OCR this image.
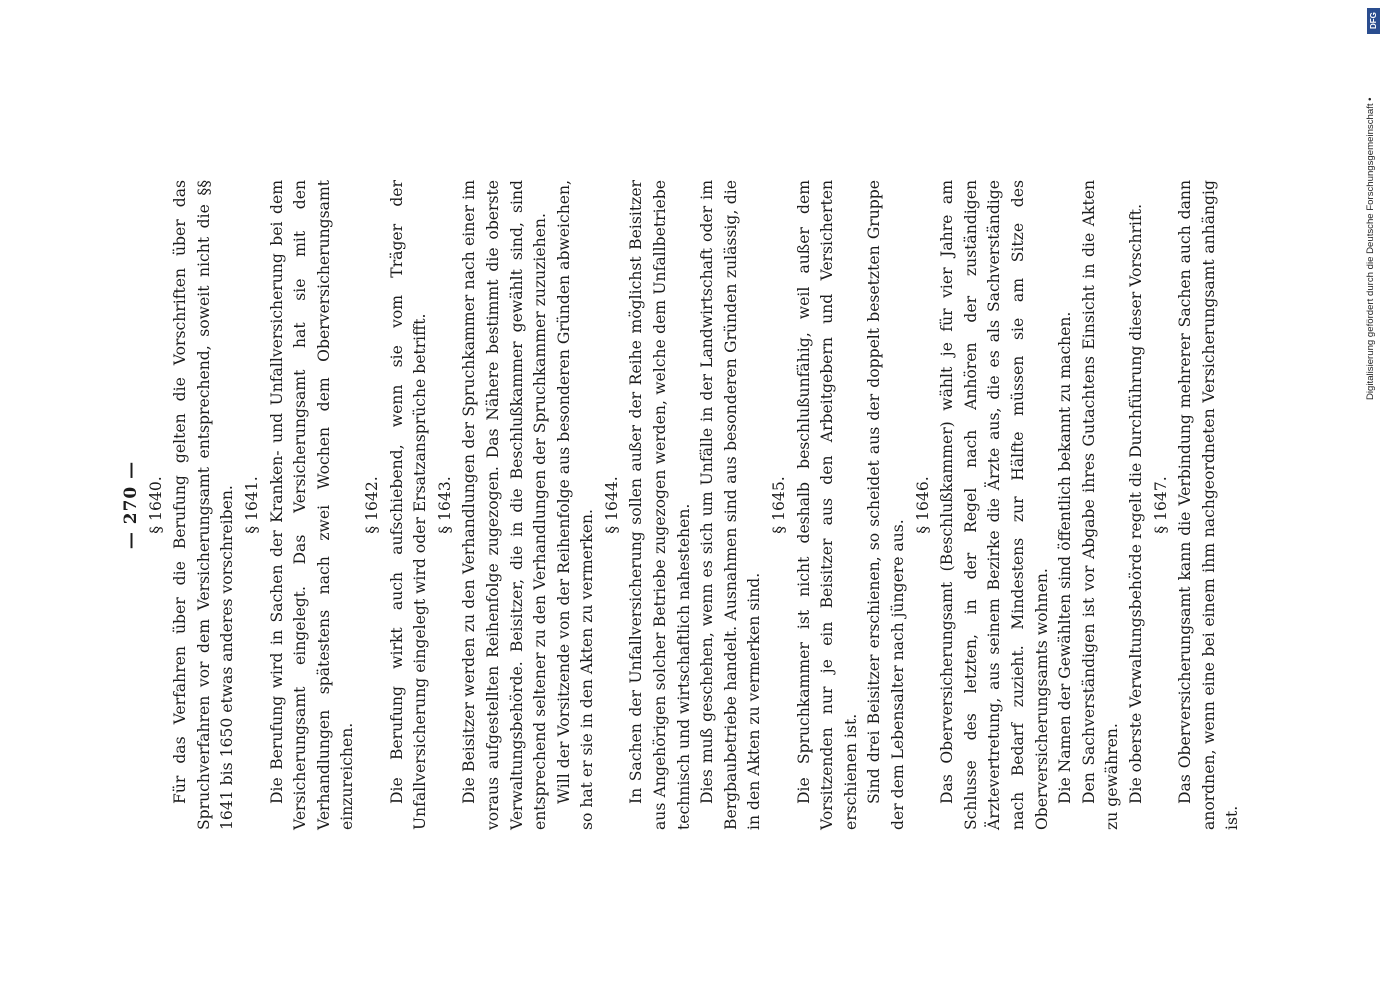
— 270 — § 1640. Für das Verfahren über die Berufung gelten die Vorschriften über das Spruchverfahren vor dem Versicherungsamt entsprechend, soweit nicht die §§ 1641 bis 1650 etwas anderes vorschreiben. § 1641. Die Berufung wird in Sachen der Kranken- und Unfallversicherung bei dem Versicherungsamt eingelegt. Das Versicherungsamt hat sie mit den Verhandlungen spätestens nach zwei Wochen dem Oberversicherungsamt einzureichen.

§ 1642. Die Berufung wirkt auch aufschiebend, wenn sie vom Träger der Unfallversicherung eingelegt wird oder Ersatzansprüche betrifft. § 1643. Die Beisitzer werden zu den Verhandlungen der Spruchkammer nach einer im voraus aufgestellten Reihenfolge zugezogen. Das Nähere bestimmt die oberste Verwaltungsbehörde. Beisitzer, die in die Beschlußkammer gewählt sind, sind entsprechend seltener zu den Verhandlungen der Spruchkammer zuzuziehen. Will der Vorsitzende von der Reihenfolge aus besonderen Gründen abweichen, so hat er sie in den Akten zu vermerken.

§ 1644. In Sachen der Unfallversicherung sollen außer der Reihe möglichst Beisitzer aus Angehörigen solcher Betriebe zugezogen werden, welche dem Unfallbetriebe technisch und wirtschaftlich nahestehen. Dies muß geschehen, wenn es sich um Unfälle in der Landwirtschaft oder im Bergbaubetriebe handelt. Ausnahmen sind aus besonderen Gründen zulässig, die in den Akten zu vermerken sind.

§ 1645. Die Spruchkammer ist nicht deshalb beschlußunfähig, weil außer dem Vorsitzenden nur je ein Beisitzer aus den Arbeitgebern und Versicherten erschienen ist. Sind drei Beisitzer erschienen, so scheidet aus der doppelt besetzten Gruppe der dem Lebensalter nach jüngere aus.

§ 1646. Das Oberversicherungsamt (Beschlußkammer) wählt je für vier Jahre am Schlusse des letzten, in der Regel nach Anhören der zuständigen Ärztevertretung, aus seinem Bezirke die Ärzte aus, die es als Sachverständige nach Bedarf zuzieht. Mindestens zur Hälfte müssen sie am Sitze des Oberversicherungsamts wohnen. Die Namen der Gewählten sind öffentlich bekannt zu machen. Den Sachverständigen ist vor Abgabe ihres Gutachtens Einsicht in die Akten zu gewähren. Die oberste Verwaltungsbehörde regelt die Durchführung dieser Vorschrift. § 1647. Das Oberversicherungsamt kann die Verbindung mehrerer Sachen auch dann anordnen, wenn eine bei einem ihm nachgeordneten Versicherungsamt anhängig ist.

DFG
Digitalisierung gefördert durch die Deutsche Forschungsgemeinschaft •
